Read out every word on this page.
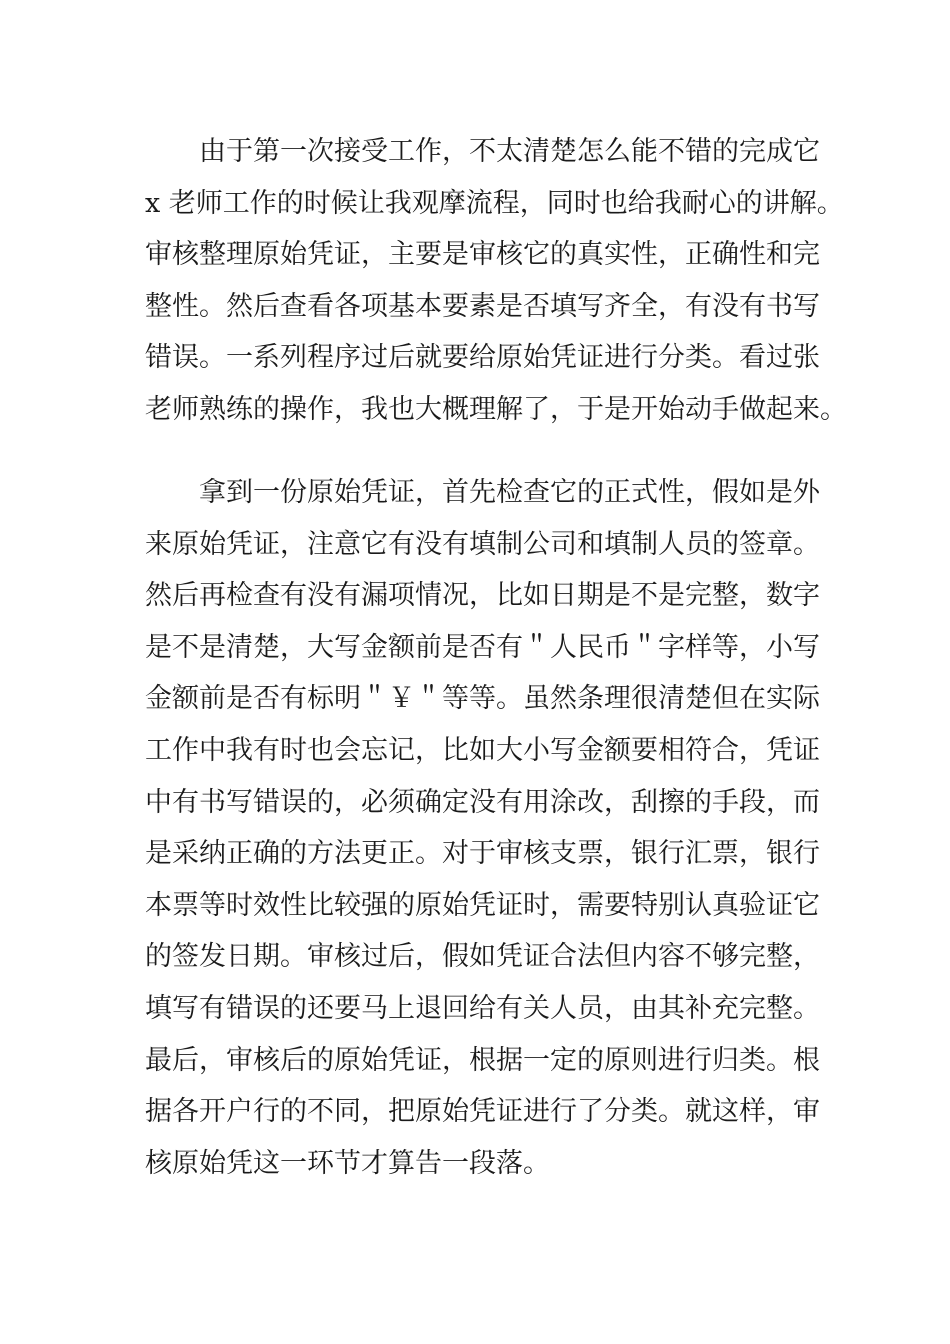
由于第一次接受工作，不太清楚怎么能不错的完成它
x 老师工作的时候让我观摩流程，同时也给我耐心的讲解。
审核整理原始凭证，主要是审核它的真实性，正确性和完
整性。然后查看各项基本要素是否填写齐全，有没有书写
错误。一系列程序过后就要给原始凭证进行分类。看过张
老师熟练的操作，我也大概理解了，于是开始动手做起来。
拿到一份原始凭证，首先检查它的正式性，假如是外
来原始凭证，注意它有没有填制公司和填制人员的签章。
然后再检查有没有漏项情况，比如日期是不是完整，数字
是不是清楚，大写金额前是否有＂人民币＂字样等，小写
金额前是否有标明＂￥＂等等。虽然条理很清楚但在实际
工作中我有时也会忘记，比如大小写金额要相符合，凭证
中有书写错误的，必须确定没有用涂改，刮擦的手段，而
是采纳正确的方法更正。对于审核支票，银行汇票，银行
本票等时效性比较强的原始凭证时，需要特别认真验证它
的签发日期。审核过后，假如凭证合法但内容不够完整，
填写有错误的还要马上退回给有关人员，由其补充完整。
最后，审核后的原始凭证，根据一定的原则进行归类。根
据各开户行的不同，把原始凭证进行了分类。就这样，审
核原始凭这一环节才算告一段落。
